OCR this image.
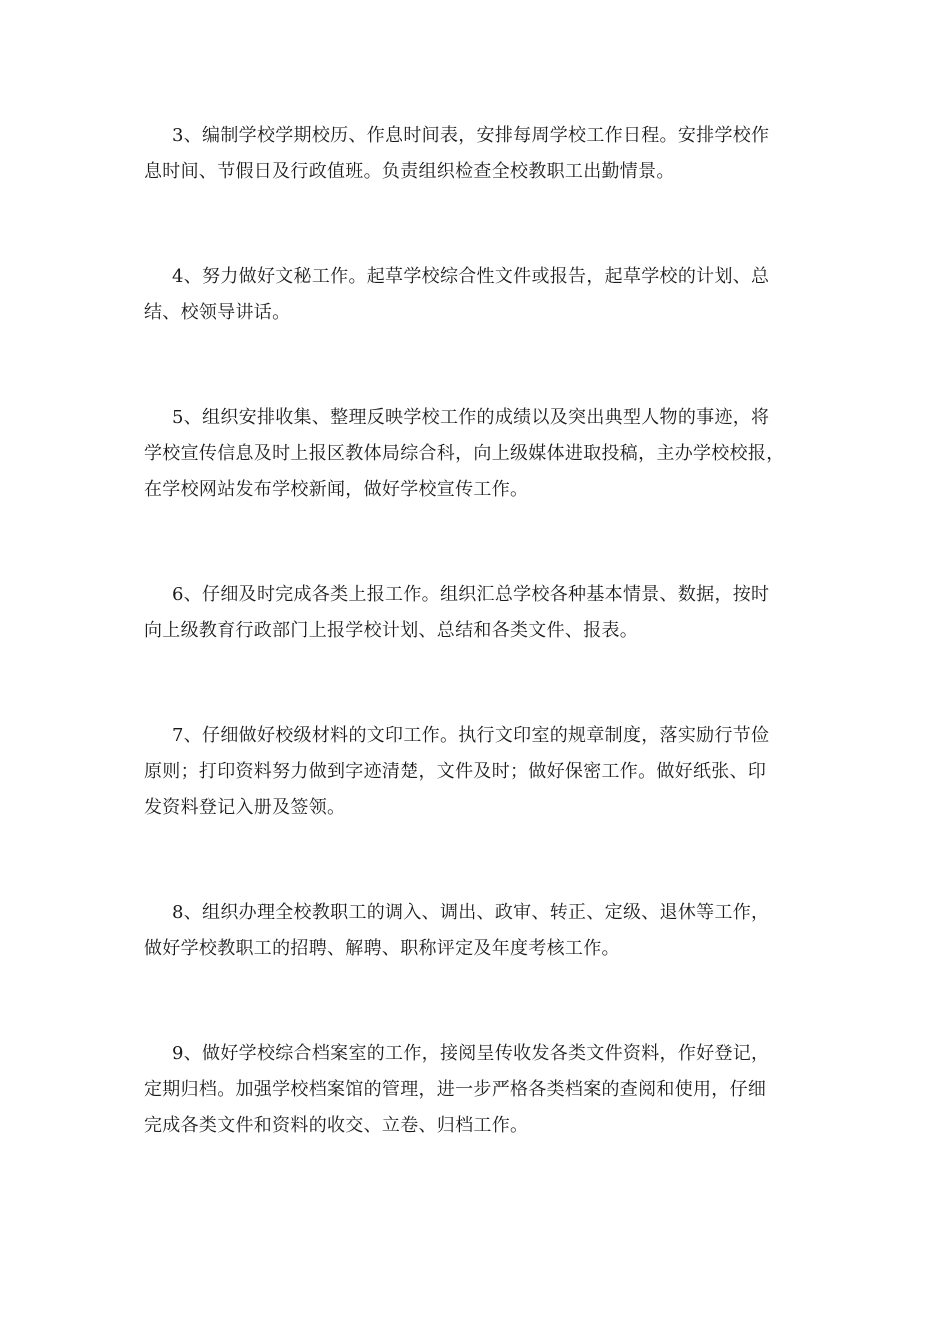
3、编制学校学期校历、作息时间表，安排每周学校工作日程。安排学校作
息时间、节假日及行政值班。负责组织检查全校教职工出勤情景。

4、努力做好文秘工作。起草学校综合性文件或报告，起草学校的计划、总
结、校领导讲话。

5、组织安排收集、整理反映学校工作的成绩以及突出典型人物的事迹，将
学校宣传信息及时上报区教体局综合科，向上级媒体进取投稿，主办学校校报，
在学校网站发布学校新闻，做好学校宣传工作。

6、仔细及时完成各类上报工作。组织汇总学校各种基本情景、数据，按时
向上级教育行政部门上报学校计划、总结和各类文件、报表。

7、仔细做好校级材料的文印工作。执行文印室的规章制度，落实励行节俭
原则；打印资料努力做到字迹清楚，文件及时；做好保密工作。做好纸张、印
发资料登记入册及签领。

8、组织办理全校教职工的调入、调出、政审、转正、定级、退休等工作，
做好学校教职工的招聘、解聘、职称评定及年度考核工作。

9、做好学校综合档案室的工作，接阅呈传收发各类文件资料，作好登记，
定期归档。加强学校档案馆的管理，进一步严格各类档案的查阅和使用，仔细
完成各类文件和资料的收交、立卷、归档工作。
